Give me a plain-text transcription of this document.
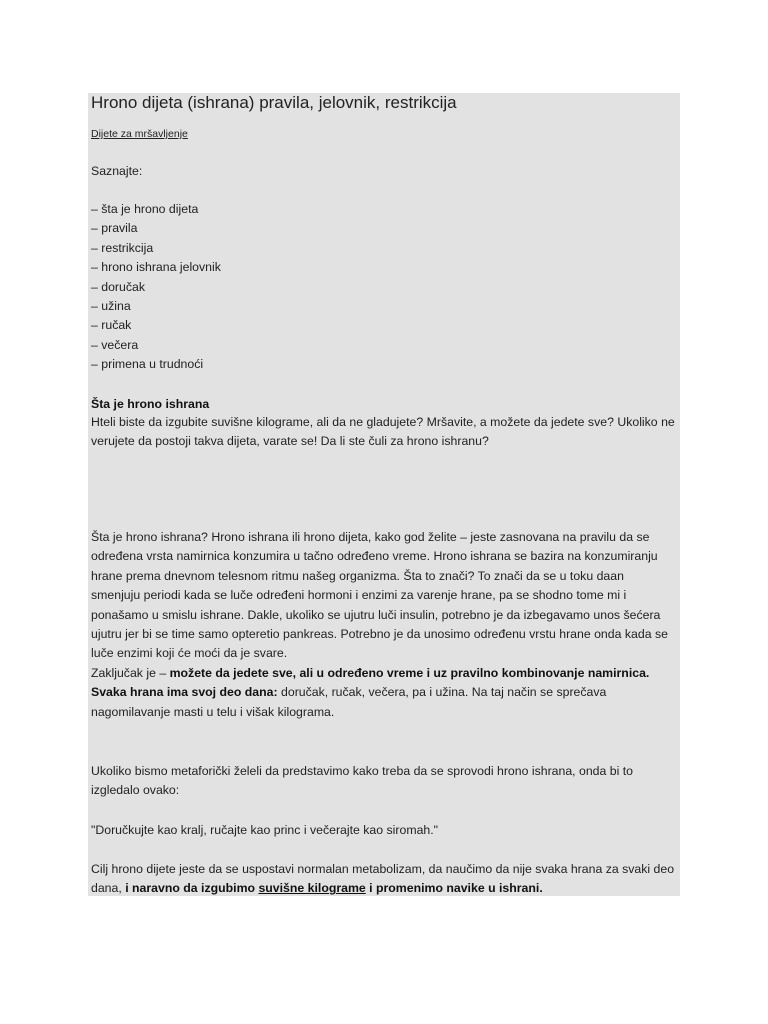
Hrono dijeta (ishrana) pravila, jelovnik, restrikcija
Dijete za mršavljenje

Saznajte:

– šta je hrono dijeta
– pravila
– restrikcija
– hrono ishrana jelovnik
– doručak
– užina
– ručak
– večera
– primena u trudnoći
Šta je hrono ishrana

Hteli biste da izgubite suvišne kilograme, ali da ne gladujete? Mršavite, a možete da jedete sve? Ukoliko ne verujete da postoji takva dijeta, varate se! Da li ste čuli za hrono ishranu?

Šta je hrono ishrana? Hrono ishrana ili hrono dijeta, kako god želite – jeste zasnovana na pravilu da se određena vrsta namirnica konzumira u tačno određeno vreme. Hrono ishrana se bazira na konzumiranju hrane prema dnevnom telesnom ritmu našeg organizma. Šta to znači? To znači da se u toku daan smenjuju periodi kada se luče određeni hormoni i enzimi za varenje hrane, pa se shodno tome mi i ponašamo u smislu ishrane. Dakle, ukoliko se ujutru luči insulin, potrebno je da izbegavamo unos šećera ujutru jer bi se time samo opteretio pankreas. Potrebno je da unosimo određenu vrstu hrane onda kada se luče enzimi koji će moći da je svare.
Zaključak je – možete da jedete sve, ali u određeno vreme i uz pravilno kombinovanje namirnica. Svaka hrana ima svoj deo dana: doručak, ručak, večera, pa i užina. Na taj način se sprečava nagomilavanje masti u telu i višak kilograma.

Ukoliko bismo metaforički želeli da predstavimo kako treba da se sprovodi hrono ishrana, onda bi to izgledalo ovako:

"Doručkujte kao kralj, ručajte kao princ i večerajte kao siromah."

Cilj hrono dijete jeste da se uspostavi normalan metabolizam, da naučimo da nije svaka hrana za svaki deo dana, i naravno da izgubimo suvišne kilograme i promenimo navike u ishrani.
